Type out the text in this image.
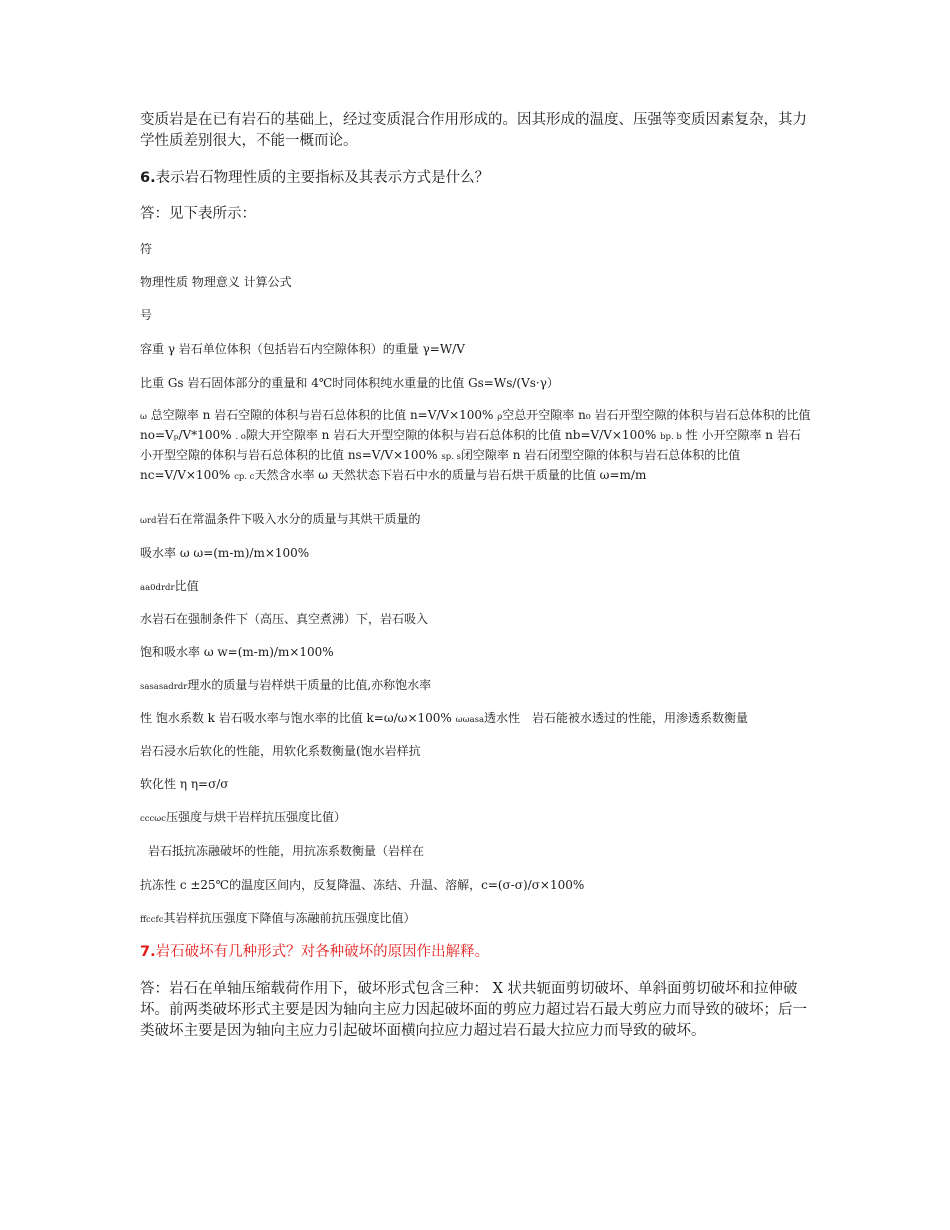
变质岩是在已有岩石的基础上，经过变质混合作用形成的。因其形成的温度、压强等变质因素复杂，其力学性质差别很大，不能一概而论。

6.表示岩石物理性质的主要指标及其表示方式是什么？

答：见下表所示：

符

物理性质 物理意义 计算公式

号

容重 γ 岩石单位体积（包括岩石内空隙体积）的重量 γ=W/V

比重 Gs 岩石固体部分的重量和 4℃时同体积纯水重量的比值 Gs=Ws/(Vs·γ）

ω 总空隙率 n 岩石空隙的体积与岩石总体积的比值 n=V/V×100% ρ空总开空隙率 n₀ 岩石开型空隙的体积与岩石总体积的比值 no=Vₚ/V*100% . o隙大开空隙率 n 岩石大开型空隙的体积与岩石总体积的比值 nb=V/V×100% bp. b 性 小开空隙率 n 岩石小开型空隙的体积与岩石总体积的比值 ns=V/V×100% sp. s闭空隙率 n 岩石闭型空隙的体积与岩石总体积的比值 nc=V/V×100% cp. c天然含水率 ω 天然状态下岩石中水的质量与岩石烘干质量的比值 ω=m/m

ωrd岩石在常温条件下吸入水分的质量与其烘干质量的

吸水率 ω ω=(m-m)/m×100%

aa0drdr比值

水岩石在强制条件下（高压、真空煮沸）下，岩石吸入

饱和吸水率 ω w=(m-m)/m×100%

sasasadrdr理水的质量与岩样烘干质量的比值,亦称饱水率

性 饱水系数 k 岩石吸水率与饱水率的比值 k=ω/ω×100% ωωasa透水性　岩石能被水透过的性能，用渗透系数衡量

岩石浸水后软化的性能，用软化系数衡量(饱水岩样抗

软化性 η η=σ/σ

cccωc压强度与烘干岩样抗压强度比值）

岩石抵抗冻融破坏的性能，用抗冻系数衡量（岩样在

抗冻性 c ±25℃的温度区间内，反复降温、冻结、升温、溶解，c=(σ-σ)/σ×100%

ffccfc其岩样抗压强度下降值与冻融前抗压强度比值）

7.岩石破坏有几种形式？对各种破坏的原因作出解释。

答：岩石在单轴压缩载荷作用下，破坏形式包含三种： X 状共轭面剪切破坏、单斜面剪切破坏和拉伸破坏。前两类破坏形式主要是因为轴向主应力因起破坏面的剪应力超过岩石最大剪应力而导致的破坏；后一类破坏主要是因为轴向主应力引起破坏面横向拉应力超过岩石最大拉应力而导致的破坏。
